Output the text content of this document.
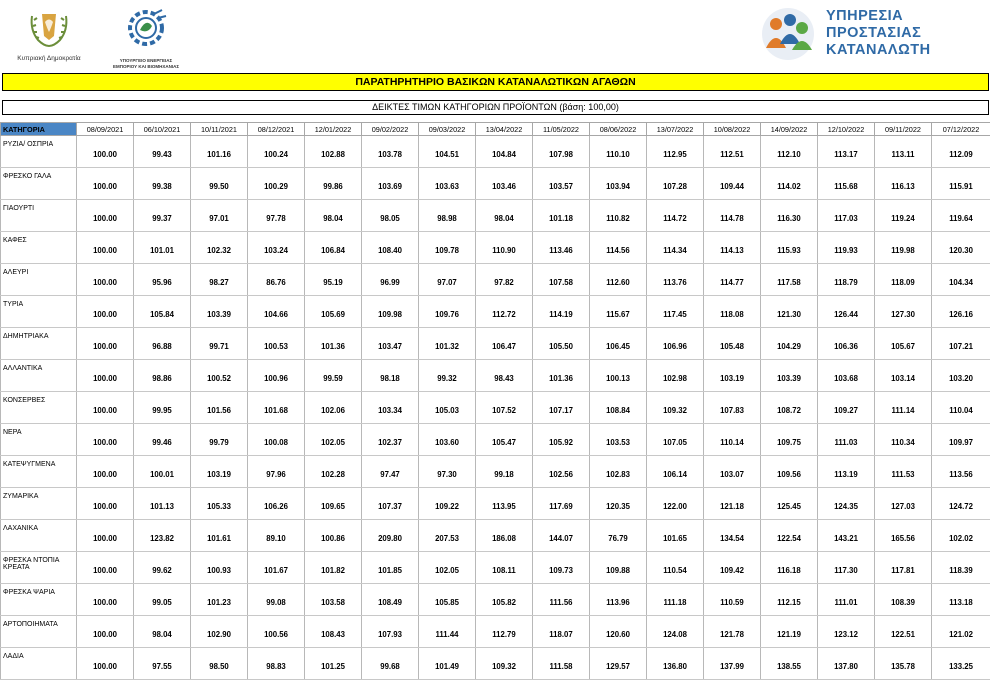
Κυπριακή Δημοκρατία	ΥΠΟΥΡΓΕΙΟ ΕΝΕΡΓΕΙΑΣ
ΕΜΠΟΡΙΟΥ ΚΑΙ ΒΙΟΜΗΧΑΝΙΑΣ
ΥΠΗΡΕΣΙΑ
ΠΡΟΣΤΑΣΙΑΣ
ΚΑΤΑΝΑΛΩΤΗ
ΠΑΡΑΤΗΡΗΤΗΡΙΟ ΒΑΣΙΚΩΝ ΚΑΤΑΝΑΛΩΤΙΚΩΝ ΑΓΑΘΩΝ
ΔΕΙΚΤΕΣ ΤΙΜΩΝ ΚΑΤΗΓΟΡΙΩΝ ΠΡΟΪΟΝΤΩΝ (βάση: 100,00)
ΚΑΤΗΓΟΡΙΑ	08/09/2021	06/10/2021	10/11/2021	08/12/2021	12/01/2022	09/02/2022	09/03/2022	13/04/2022	11/05/2022	08/06/2022	13/07/2022	10/08/2022	14/09/2022	12/10/2022	09/11/2022	07/12/2022

ΡΥΖΙΑ/ ΟΣΠΡΙΑ	100.00	99.43	101.16	100.24	102.88	103.78	104.51	104.84	107.98	110.10	112.95	112.51	112.10	113.17	113.11	112.09

ΦΡΕΣΚΟ ΓΑΛΑ	100.00	99.38	99.50	100.29	99.86	103.69	103.63	103.46	103.57	103.94	107.28	109.44	114.02	115.68	116.13	115.91

ΓΙΑΟΥΡΤΙ	100.00	99.37	97.01	97.78	98.04	98.05	98.98	98.04	101.18	110.82	114.72	114.78	116.30	117.03	119.24	119.64

ΚΑΦΕΣ	100.00	101.01	102.32	103.24	106.84	108.40	109.78	110.90	113.46	114.56	114.34	114.13	115.93	119.93	119.98	120.30

ΑΛΕΥΡΙ	100.00	95.96	98.27	86.76	95.19	96.99	97.07	97.82	107.58	112.60	113.76	114.77	117.58	118.79	118.09	104.34

ΤΥΡΙΑ	100.00	105.84	103.39	104.66	105.69	109.98	109.76	112.72	114.19	115.67	117.45	118.08	121.30	126.44	127.30	126.16

ΔΗΜΗΤΡΙΑΚΑ	100.00	96.88	99.71	100.53	101.36	103.47	101.32	106.47	105.50	106.45	106.96	105.48	104.29	106.36	105.67	107.21

ΑΛΛΑΝΤΙΚΑ	100.00	98.86	100.52	100.96	99.59	98.18	99.32	98.43	101.36	100.13	102.98	103.19	103.39	103.68	103.14	103.20

ΚΟΝΣΕΡΒΕΣ	100.00	99.95	101.56	101.68	102.06	103.34	105.03	107.52	107.17	108.84	109.32	107.83	108.72	109.27	111.14	110.04

ΝΕΡΑ	100.00	99.46	99.79	100.08	102.05	102.37	103.60	105.47	105.92	103.53	107.05	110.14	109.75	111.03	110.34	109.97

ΚΑΤΕΨΥΓΜΕΝΑ	100.00	100.01	103.19	97.96	102.28	97.47	97.30	99.18	102.56	102.83	106.14	103.07	109.56	113.19	111.53	113.56

ΖΥΜΑΡΙΚΑ	100.00	101.13	105.33	106.26	109.65	107.37	109.22	113.95	117.69	120.35	122.00	121.18	125.45	124.35	127.03	124.72

ΛΑΧΑΝΙΚΑ	100.00	123.82	101.61	89.10	100.86	209.80	207.53	186.08	144.07	76.79	101.65	134.54	122.54	143.21	165.56	102.02

ΦΡΕΣΚΑ ΝΤΟΠΙΑ ΚΡΕΑΤΑ	100.00	99.62	100.93	101.67	101.82	101.85	102.05	108.11	109.73	109.88	110.54	109.42	116.18	117.30	117.81	118.39

ΦΡΕΣΚΑ ΨΑΡΙΑ	100.00	99.05	101.23	99.08	103.58	108.49	105.85	105.82	111.56	113.96	111.18	110.59	112.15	111.01	108.39	113.18

ΑΡΤΟΠΟΙΗΜΑΤΑ	100.00	98.04	102.90	100.56	108.43	107.93	111.44	112.79	118.07	120.60	124.08	121.78	121.19	123.12	122.51	121.02

ΛΑΔΙΑ	100.00	97.55	98.50	98.83	101.25	99.68	101.49	109.32	111.58	129.57	136.80	137.99	138.55	137.80	135.78	133.25
